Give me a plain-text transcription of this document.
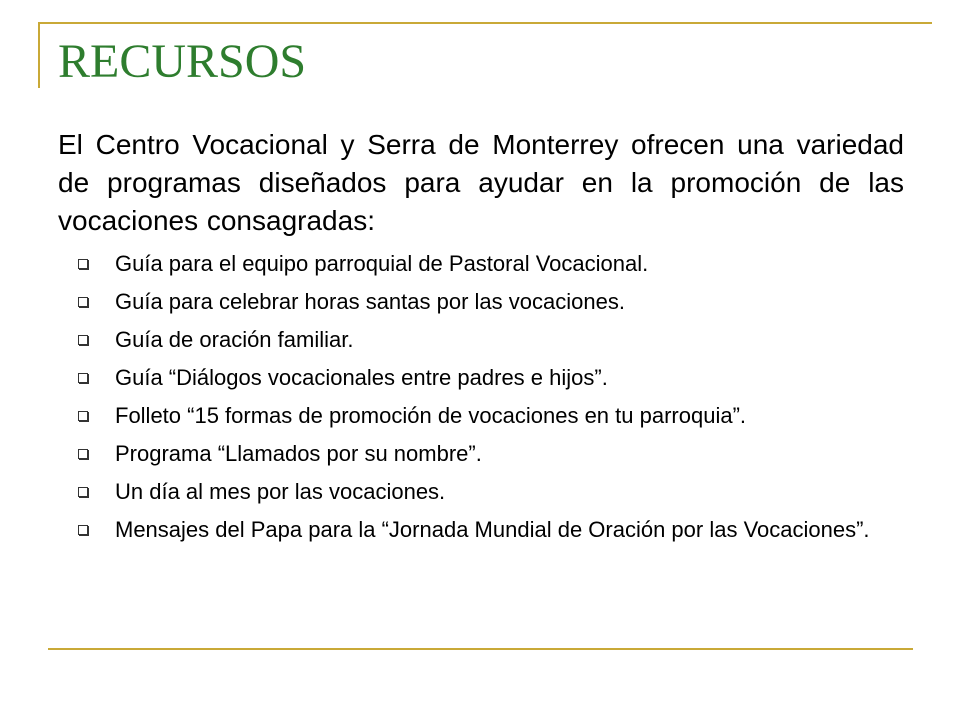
RECURSOS

El Centro Vocacional y Serra de Monterrey ofrecen una variedad de programas diseñados para ayudar en la promoción de las vocaciones consagradas:

Guía para el equipo parroquial de Pastoral Vocacional.
Guía para celebrar horas santas por las vocaciones.
Guía de oración familiar.
Guía “Diálogos vocacionales entre padres e hijos”.
Folleto “15 formas de promoción de vocaciones en tu parroquia”.
Programa “Llamados por su nombre”.
Un día al mes por las vocaciones.
Mensajes del Papa para la “Jornada Mundial de Oración por las Vocaciones”.
